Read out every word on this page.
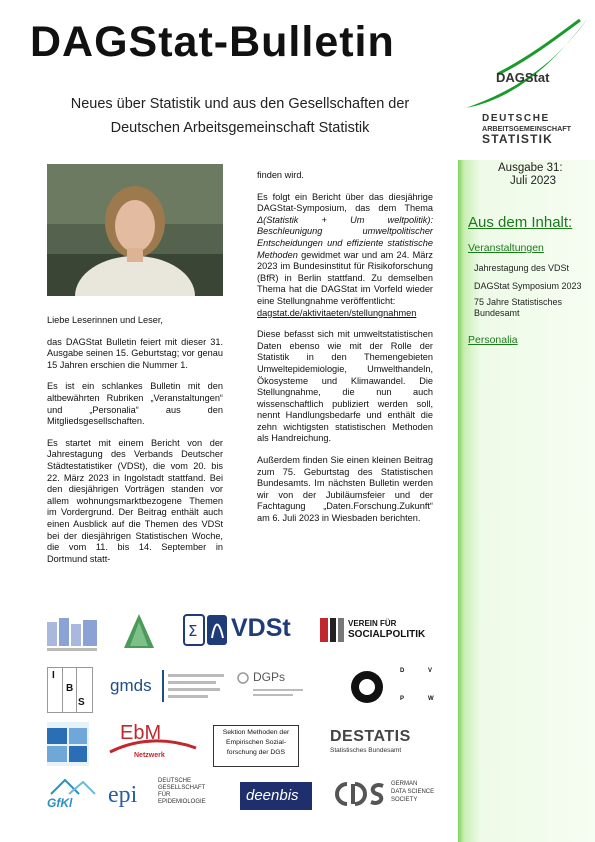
DAGStat-Bulletin
Neues über Statistik und aus den Gesellschaften der
Deutschen Arbeitsgemeinschaft Statistik
DAGStat
DEUTSCHE
ARBEITSGEMEINSCHAFT
STATISTIK
Ausgabe 31:
Juli 2023
Aus dem Inhalt:
Veranstaltungen
Jahrestagung des VDSt
DAGStat Symposium 2023
75 Jahre Statistisches Bundesamt
Personalia

Liebe Leserinnen und Leser,

das DAGStat Bulletin feiert mit dieser 31. Ausgabe seinen 15. Geburtstag; vor genau 15 Jahren erschien die Nummer 1.

Es ist ein schlankes Bulletin mit den altbewährten Rubriken „Veranstaltungen“ und „Personalia“ aus den Mitgliedsgesellschaften.

Es startet mit einem Bericht von der Jahrestagung des Verbands Deutscher Städtestatistiker (VDSt), die vom 20. bis 22. März 2023 in Ingolstadt stattfand. Bei den diesjährigen Vorträgen standen vor allem wohnungsmarktbezogene Themen im Vordergrund. Der Beitrag enthält auch einen Ausblick auf die Themen des VDSt bei der diesjährigen Statistischen Woche, die vom 11. bis 14. September in Dortmund statt-

finden wird.

Es folgt ein Bericht über das diesjährige DAGStat-Symposium, das dem Thema Δ(Statistik + Um weltpolitik): Beschleunigung umweltpolitischer Entscheidungen und effiziente statistische Methoden gewidmet war und am 24. März 2023 im Bundesinstitut für Risikoforschung (BfR) in Berlin stattfand. Zu demselben Thema hat die DAGStat im Vorfeld wieder eine Stellungnahme veröffentlicht:

dagstat.de/aktivitaeten/stellungnahmen

Diese befasst sich mit umweltstatistischen Daten ebenso wie mit der Rolle der Statistik in den Themengebieten Umweltepidemiologie, Umwelthandeln, Ökosysteme und Klimawandel. Die Stellungnahme, die nun auch wissenschaftlich publiziert werden soll, nennt Handlungsbedarfe und enthält die zehn wichtigsten statistischen Methoden als Handreichung.

Außerdem finden Sie einen kleinen Beitrag zum 75. Geburtstag des Statistischen Bundesamts. Im nächsten Bulletin werden wir von der Jubiläumsfeier und der Fachtagung „Daten.Forschung.Zukunft“ am 6. Juli 2023 in Wiesbaden berichten.

Σ VDSt	VEREIN FÜR
SOCIALPOLITIK
I
B
S
gmds	DGPs	D	V
P	W
EbM
Netzwerk
Sektion Methoden der
Empirischen Sozial-
forschung der DGS
DESTATIS
Statistisches Bundesamt
GfKl epi
DEUTSCHE
GESELLSCHAFT
FÜR
EPIDEMIOLOGIE	deenbis
GERMAN
DATA SCIENCE
SOCIETY
